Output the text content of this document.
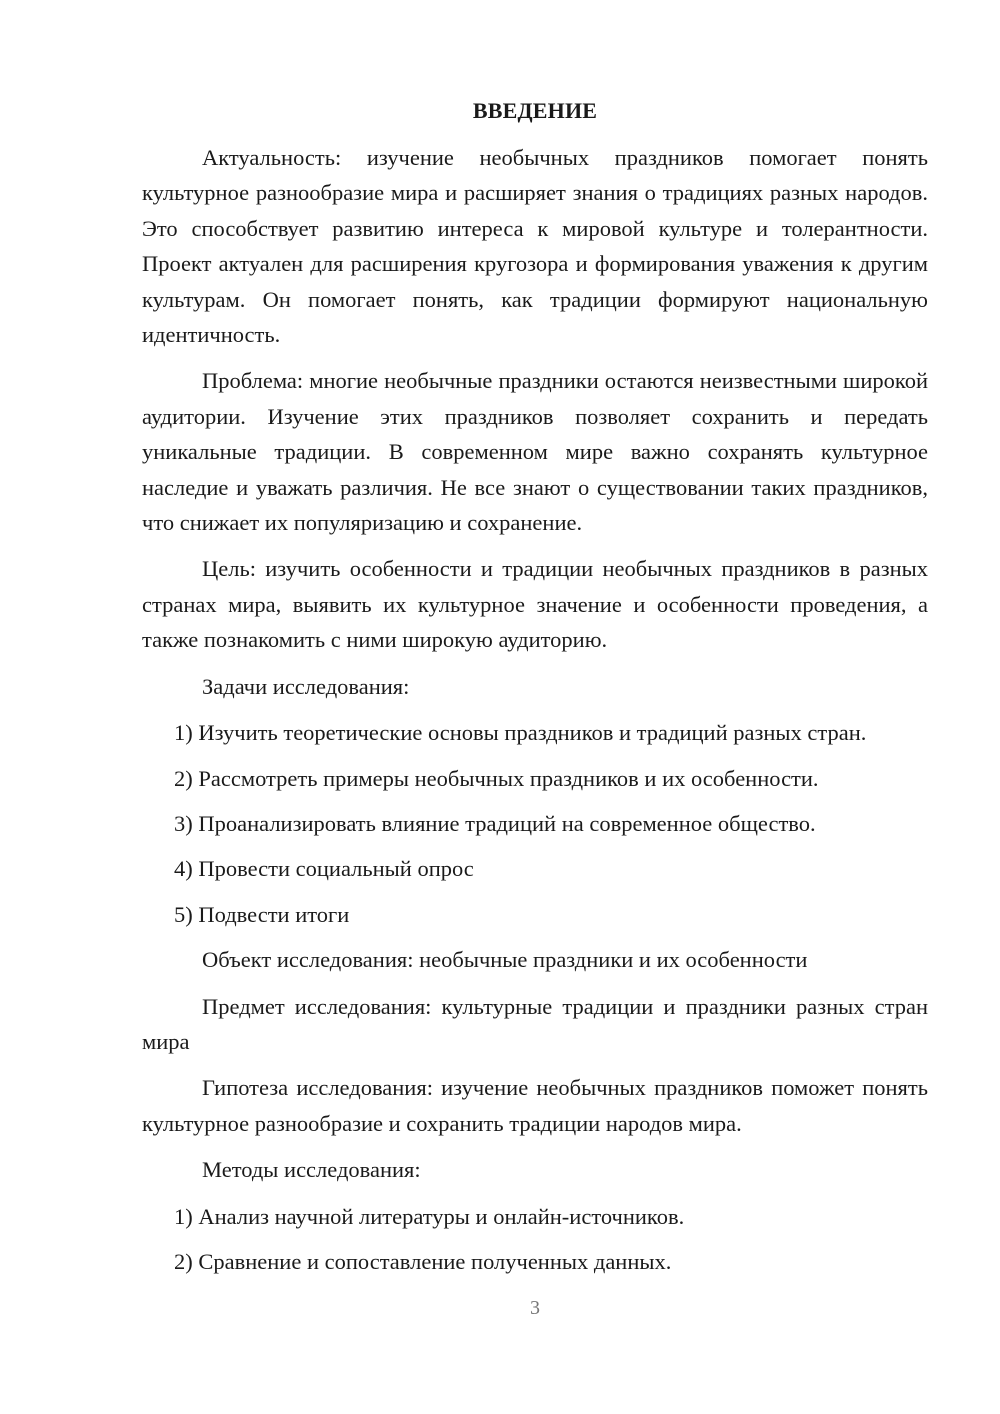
ВВЕДЕНИЕ

Актуальность: изучение необычных праздников помогает понять культурное разнообразие мира и расширяет знания о традициях разных народов. Это способствует развитию интереса к мировой культуре и толерантности. Проект актуален для расширения кругозора и формирования уважения к другим культурам. Он помогает понять, как традиции формируют национальную идентичность.

Проблема: многие необычные праздники остаются неизвестными широкой аудитории. Изучение этих праздников позволяет сохранить и передать уникальные традиции. В современном мире важно сохранять культурное наследие и уважать различия. Не все знают о существовании таких праздников, что снижает их популяризацию и сохранение.

Цель: изучить особенности и традиции необычных праздников в разных странах мира, выявить их культурное значение и особенности проведения, а также познакомить с ними широкую аудиторию.

Задачи исследования:

1) Изучить теоретические основы праздников и традиций разных стран.

2) Рассмотреть примеры необычных праздников и их особенности.

3) Проанализировать влияние традиций на современное общество.

4) Провести социальный опрос

5) Подвести итоги

Объект исследования: необычные праздники и их особенности

Предмет исследования: культурные традиции и праздники разных стран мира

Гипотеза исследования: изучение необычных праздников поможет понять культурное разнообразие и сохранить традиции народов мира.

Методы исследования:

1) Анализ научной литературы и онлайн-источников.

2) Сравнение и сопоставление полученных данных.

3
